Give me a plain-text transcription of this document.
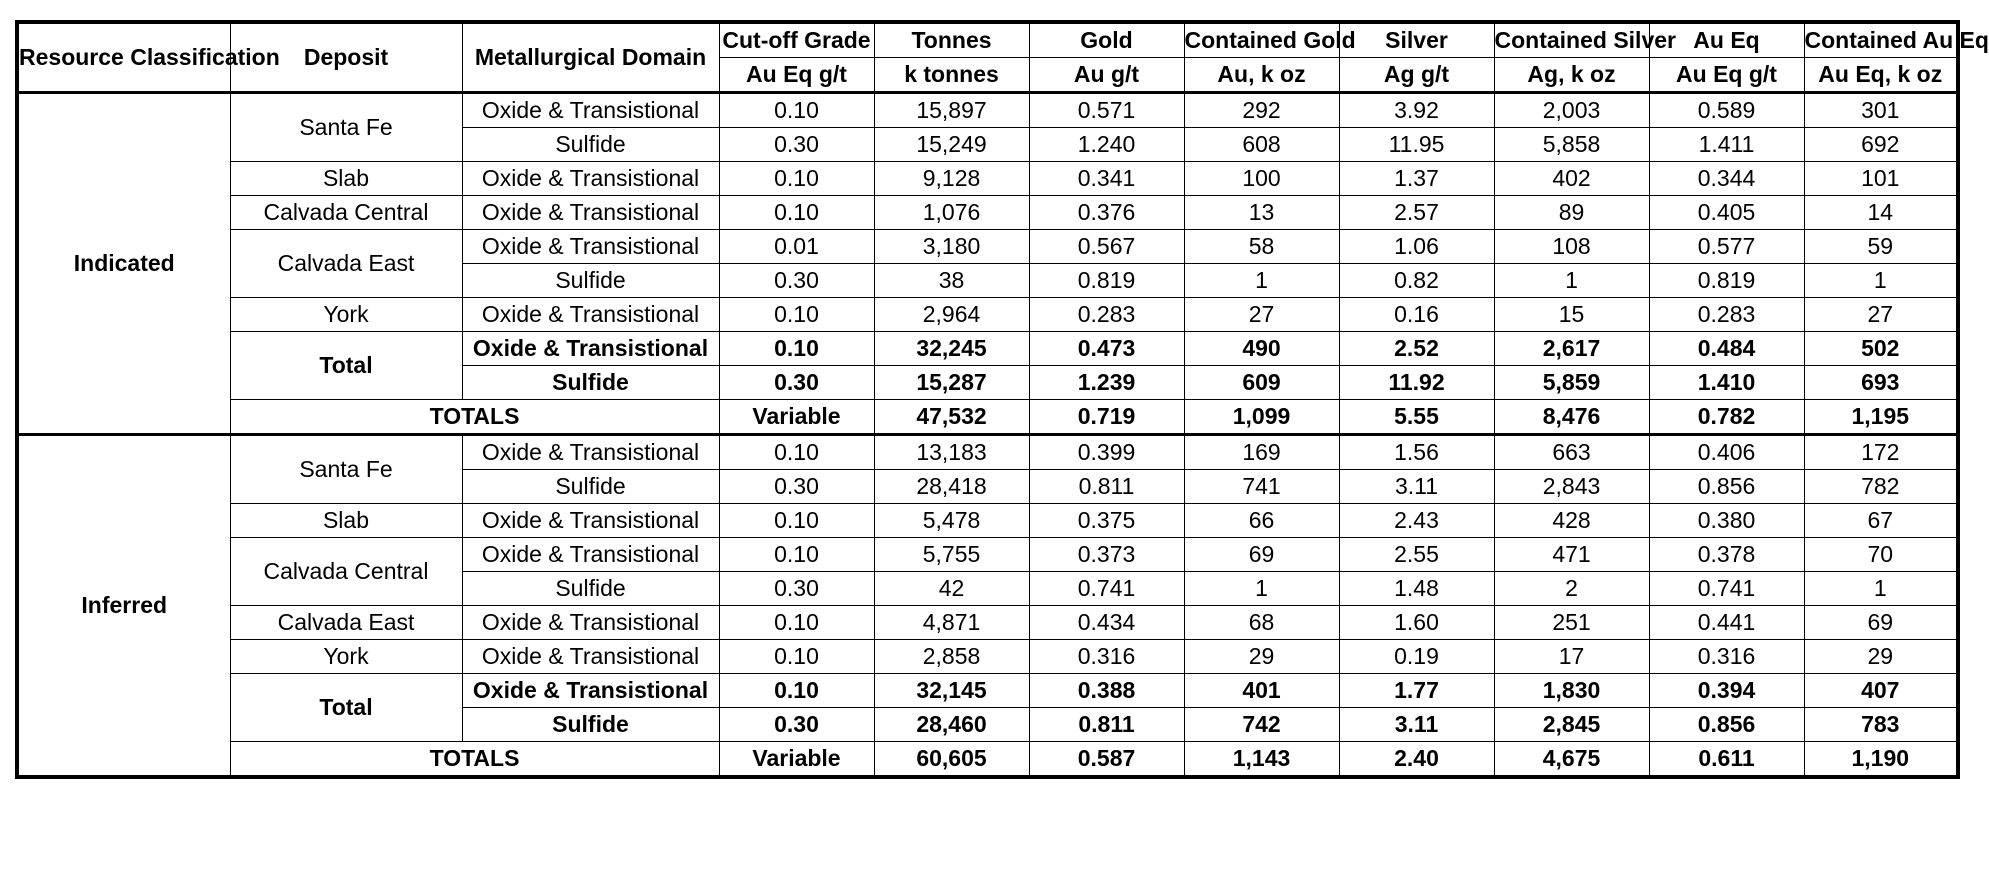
Resource Classification	Deposit	Metallurgical Domain	Cut-off Grade	Tonnes	Gold	Contained Gold	Silver	Contained Silver	Au Eq	Contained Au Eq
			Au Eq g/t	k tonnes	Au g/t	Au, k oz	Ag g/t	Ag, k oz	Au Eq g/t	Au Eq, k oz
Indicated	Santa Fe	Oxide & Transistional	0.10	15,897	0.571	292	3.92	2,003	0.589	301
		Sulfide	0.30	15,249	1.240	608	11.95	5,858	1.411	692
	Slab	Oxide & Transistional	0.10	9,128	0.341	100	1.37	402	0.344	101
	Calvada Central	Oxide & Transistional	0.10	1,076	0.376	13	2.57	89	0.405	14
	Calvada East	Oxide & Transistional	0.01	3,180	0.567	58	1.06	108	0.577	59
		Sulfide	0.30	38	0.819	1	0.82	1	0.819	1
	York	Oxide & Transistional	0.10	2,964	0.283	27	0.16	15	0.283	27
	Total	Oxide & Transistional	0.10	32,245	0.473	490	2.52	2,617	0.484	502
		Sulfide	0.30	15,287	1.239	609	11.92	5,859	1.410	693
	TOTALS		Variable	47,532	0.719	1,099	5.55	8,476	0.782	1,195
Inferred	Santa Fe	Oxide & Transistional	0.10	13,183	0.399	169	1.56	663	0.406	172
		Sulfide	0.30	28,418	0.811	741	3.11	2,843	0.856	782
	Slab	Oxide & Transistional	0.10	5,478	0.375	66	2.43	428	0.380	67
	Calvada Central	Oxide & Transistional	0.10	5,755	0.373	69	2.55	471	0.378	70
		Sulfide	0.30	42	0.741	1	1.48	2	0.741	1
	Calvada East	Oxide & Transistional	0.10	4,871	0.434	68	1.60	251	0.441	69
	York	Oxide & Transistional	0.10	2,858	0.316	29	0.19	17	0.316	29
	Total	Oxide & Transistional	0.10	32,145	0.388	401	1.77	1,830	0.394	407
		Sulfide	0.30	28,460	0.811	742	3.11	2,845	0.856	783
	TOTALS		Variable	60,605	0.587	1,143	2.40	4,675	0.611	1,190
